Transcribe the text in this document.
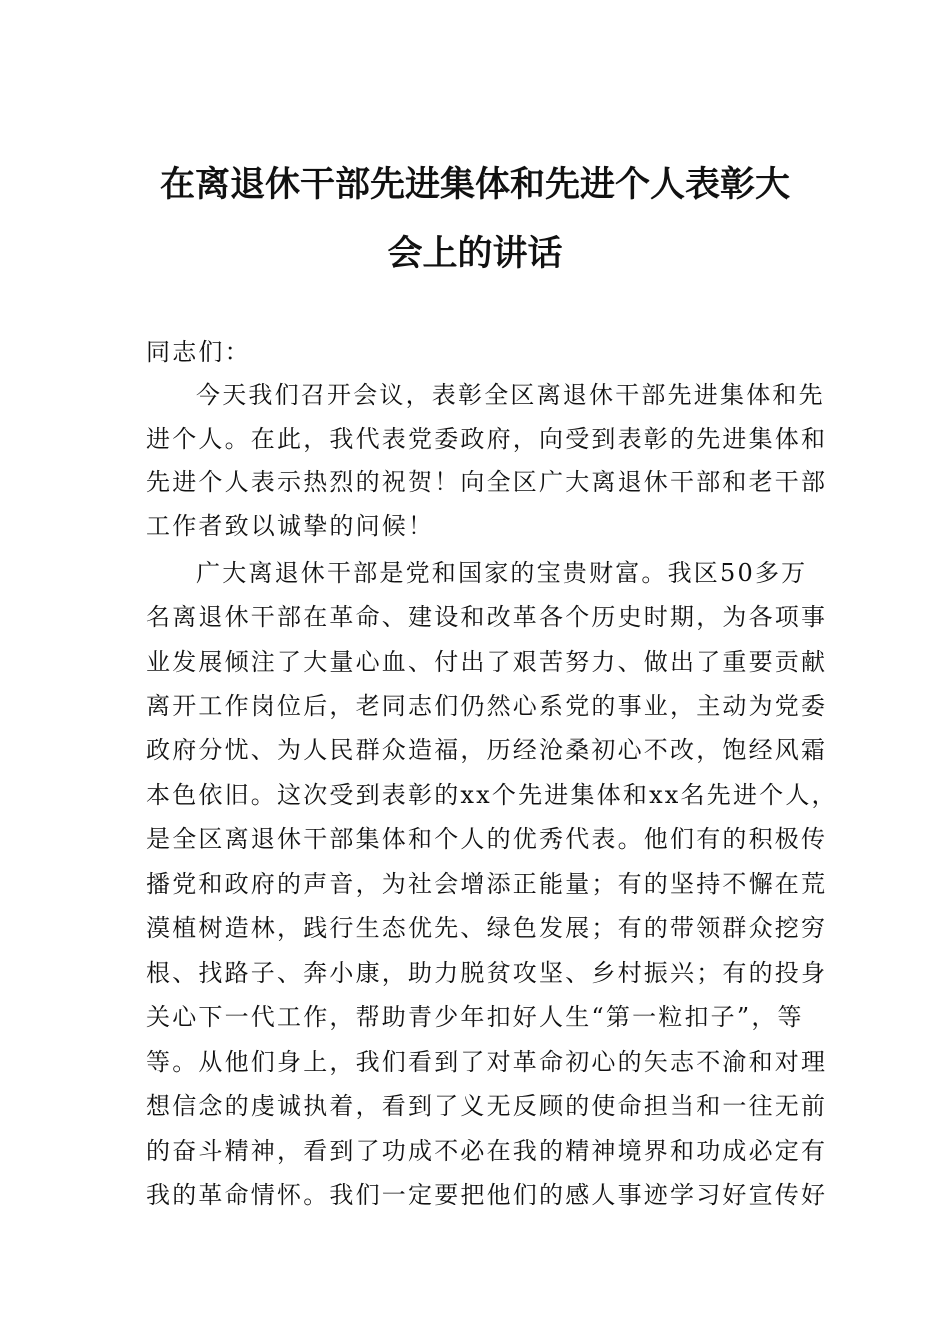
在离退休干部先进集体和先进个人表彰大
会上的讲话
同志们：
今天我们召开会议，表彰全区离退休干部先进集体和先
进个人。在此，我代表党委政府，向受到表彰的先进集体和
先进个人表示热烈的祝贺！向全区广大离退休干部和老干部
工作者致以诚挚的问候！
广大离退休干部是党和国家的宝贵财富。我区50多万
名离退休干部在革命、建设和改革各个历史时期，为各项事
业发展倾注了大量心血、付出了艰苦努力、做出了重要贡献
离开工作岗位后，老同志们仍然心系党的事业，主动为党委
政府分忧、为人民群众造福，历经沧桑初心不改，饱经风霜
本色依旧。这次受到表彰的xx个先进集体和xx名先进个人，
是全区离退休干部集体和个人的优秀代表。他们有的积极传
播党和政府的声音，为社会增添正能量；有的坚持不懈在荒
漠植树造林，践行生态优先、绿色发展；有的带领群众挖穷
根、找路子、奔小康，助力脱贫攻坚、乡村振兴；有的投身
关心下一代工作，帮助青少年扣好人生“第一粒扣子”，等
等。从他们身上，我们看到了对革命初心的矢志不渝和对理
想信念的虔诚执着，看到了义无反顾的使命担当和一往无前
的奋斗精神，看到了功成不必在我的精神境界和功成必定有
我的革命情怀。我们一定要把他们的感人事迹学习好宣传好
